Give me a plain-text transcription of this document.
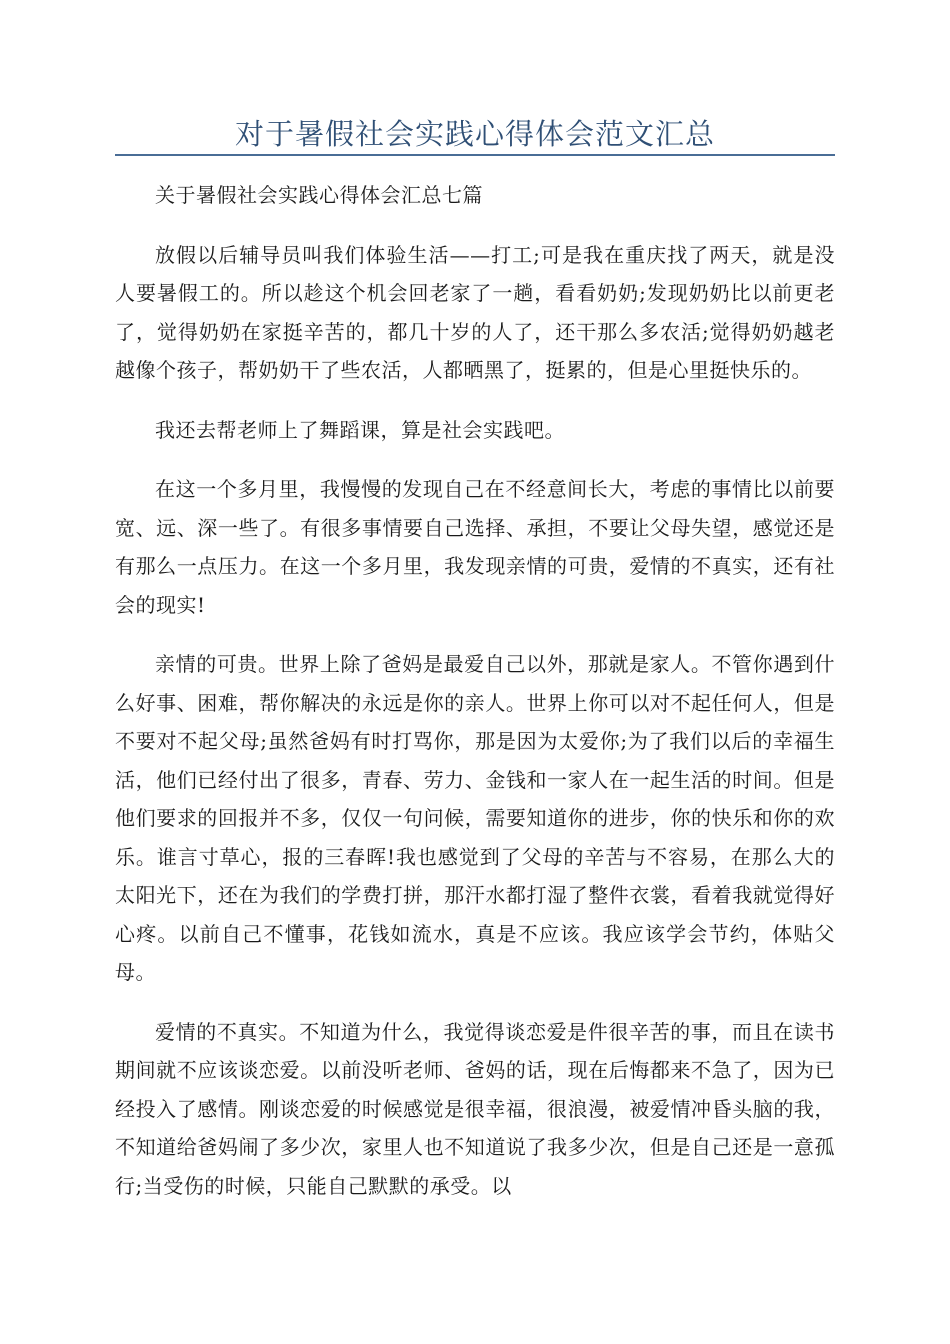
对于暑假社会实践心得体会范文汇总

关于暑假社会实践心得体会汇总七篇

放假以后辅导员叫我们体验生活——打工;可是我在重庆找了两天，就是没人要暑假工的。所以趁这个机会回老家了一趟，看看奶奶;发现奶奶比以前更老了，觉得奶奶在家挺辛苦的，都几十岁的人了，还干那么多农活;觉得奶奶越老越像个孩子，帮奶奶干了些农活，人都晒黑了，挺累的，但是心里挺快乐的。

我还去帮老师上了舞蹈课，算是社会实践吧。

在这一个多月里，我慢慢的发现自己在不经意间长大，考虑的事情比以前要宽、远、深一些了。有很多事情要自己选择、承担，不要让父母失望，感觉还是有那么一点压力。在这一个多月里，我发现亲情的可贵，爱情的不真实，还有社会的现实!

亲情的可贵。世界上除了爸妈是最爱自己以外，那就是家人。不管你遇到什么好事、困难，帮你解决的永远是你的亲人。世界上你可以对不起任何人，但是不要对不起父母;虽然爸妈有时打骂你，那是因为太爱你;为了我们以后的幸福生活，他们已经付出了很多，青春、劳力、金钱和一家人在一起生活的时间。但是他们要求的回报并不多，仅仅一句问候，需要知道你的进步，你的快乐和你的欢乐。谁言寸草心，报的三春晖!我也感觉到了父母的辛苦与不容易，在那么大的太阳光下，还在为我们的学费打拼，那汗水都打湿了整件衣裳，看着我就觉得好心疼。以前自己不懂事，花钱如流水，真是不应该。我应该学会节约，体贴父母。

爱情的不真实。不知道为什么，我觉得谈恋爱是件很辛苦的事，而且在读书期间就不应该谈恋爱。以前没听老师、爸妈的话，现在后悔都来不急了，因为已经投入了感情。刚谈恋爱的时候感觉是很幸福，很浪漫，被爱情冲昏头脑的我，不知道给爸妈闹了多少次，家里人也不知道说了我多少次，但是自己还是一意孤行;当受伤的时候，只能自己默默的承受。以
